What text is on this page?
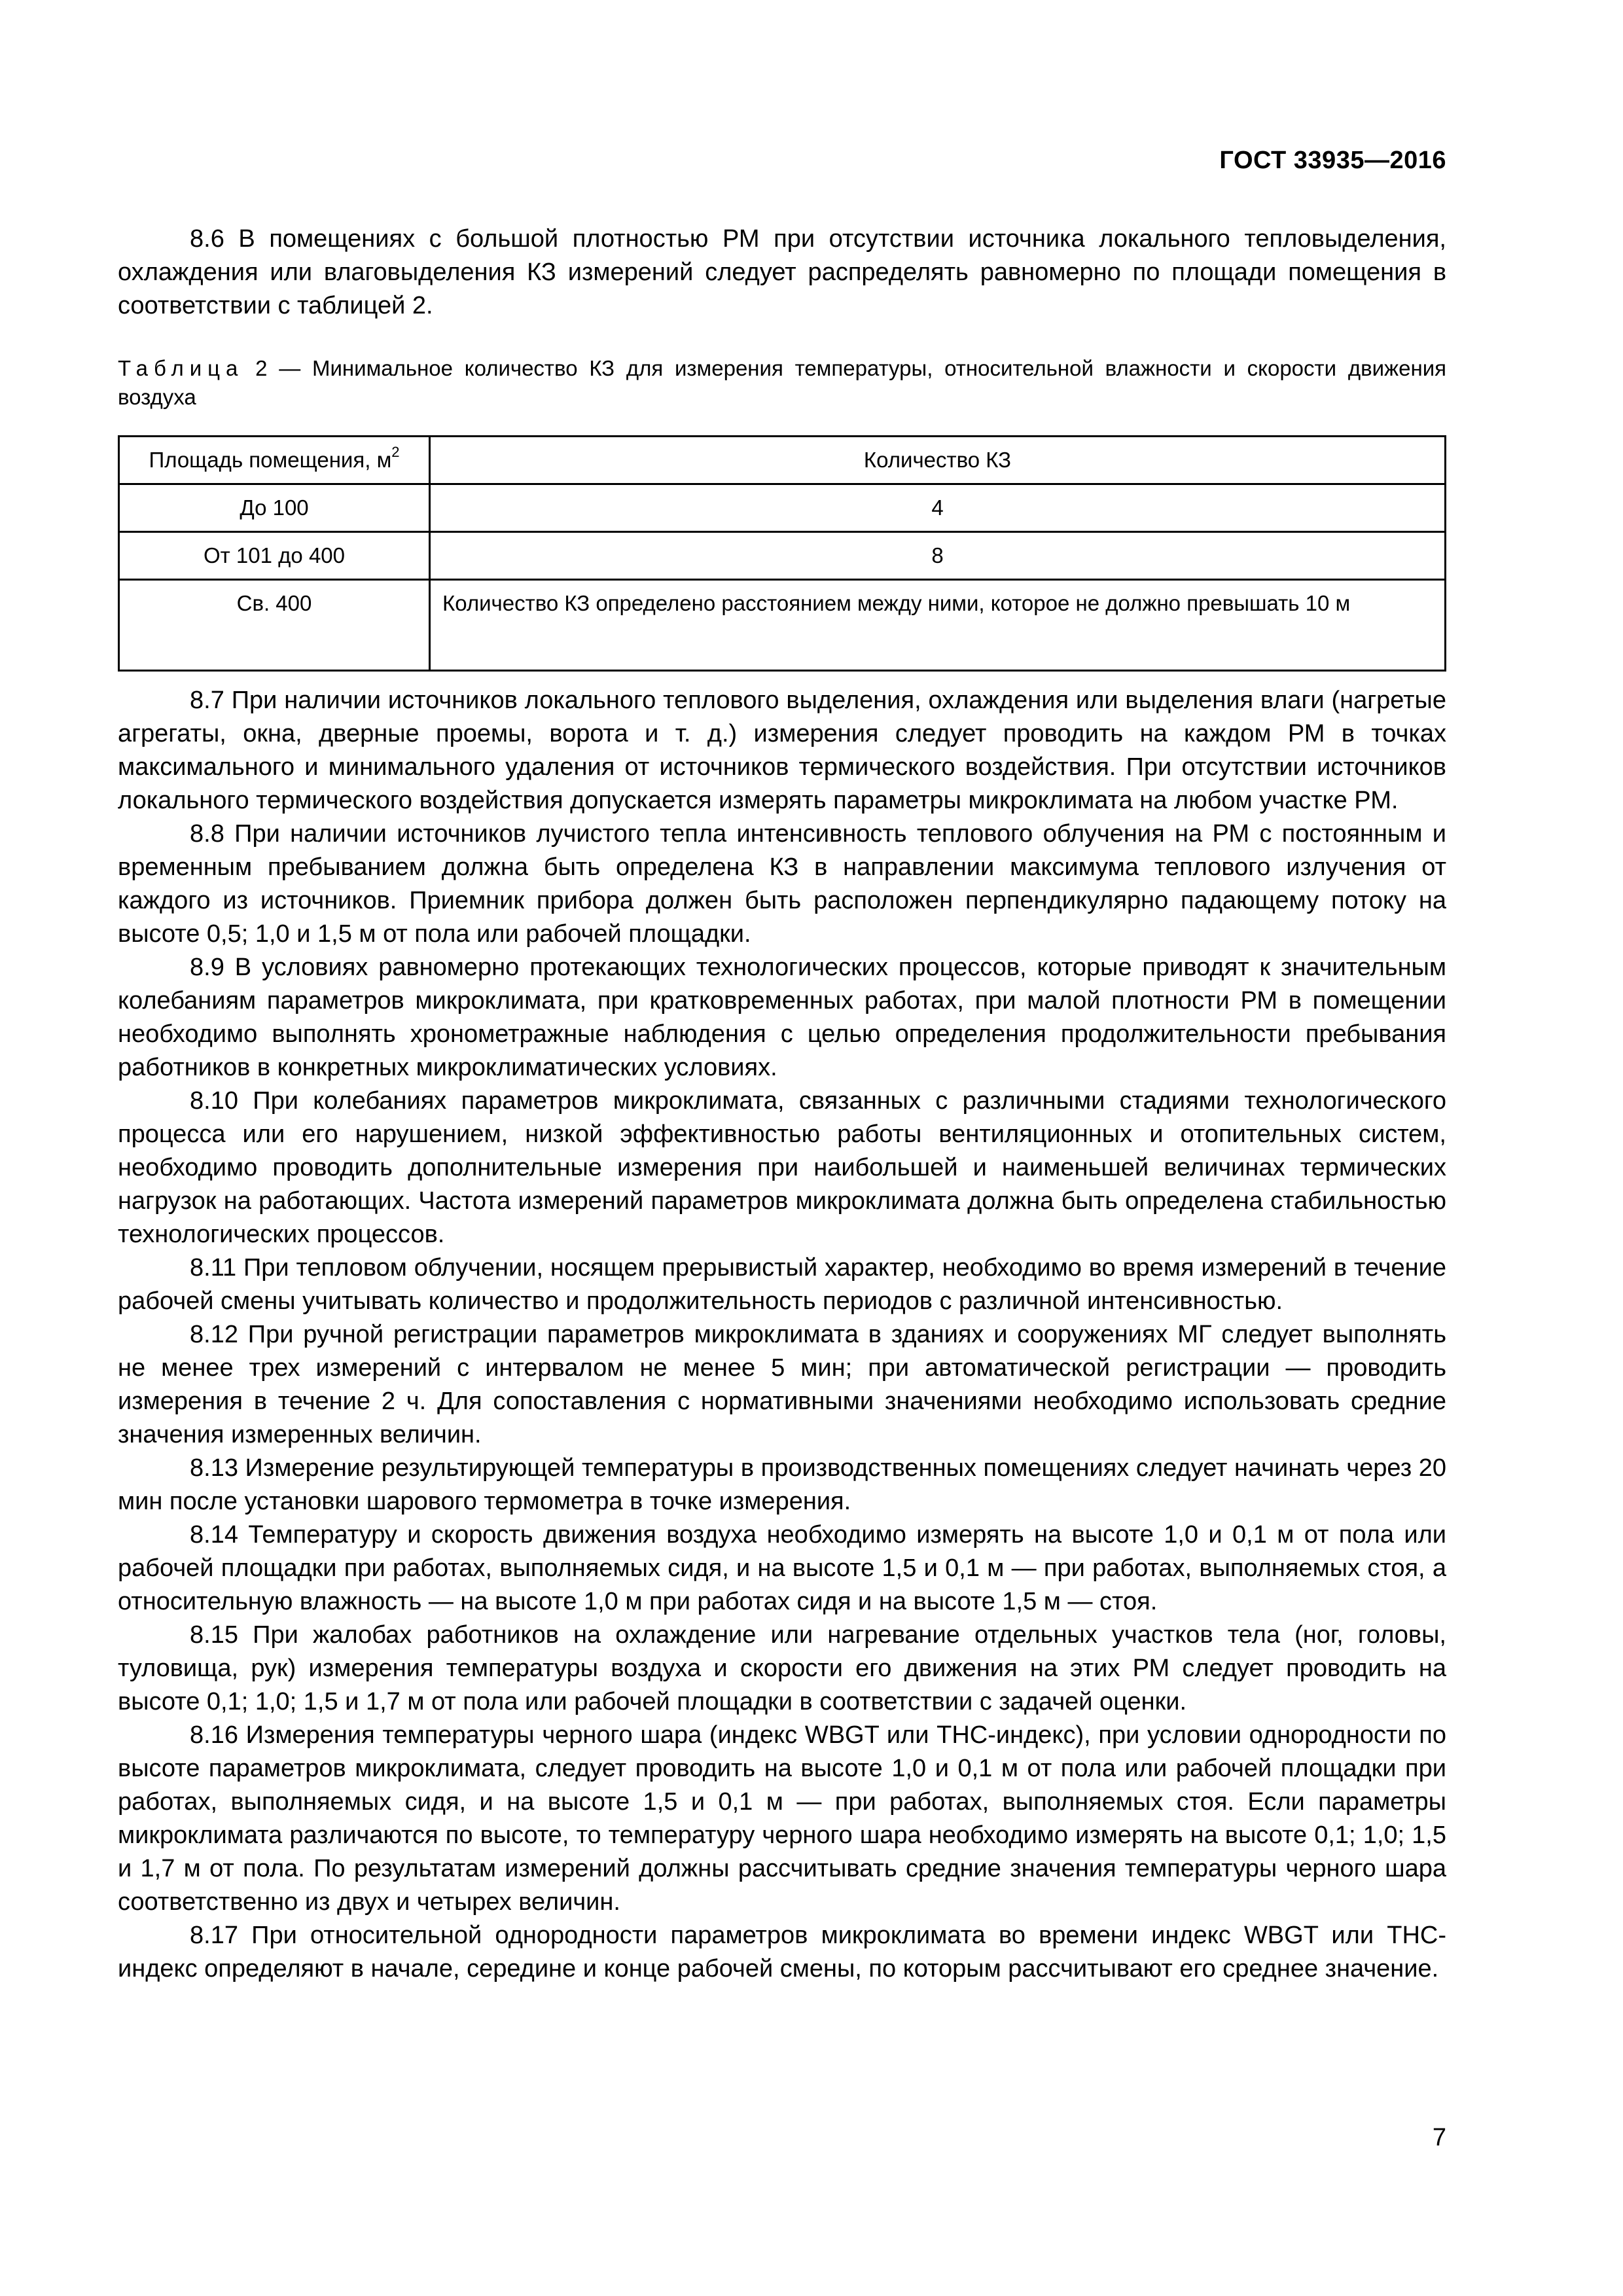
ГОСТ 33935—2016

8.6 В помещениях с большой плотностью РМ при отсутствии источника локального тепловыделения, охлаждения или влаговыделения КЗ измерений следует распределять равномерно по площади помещения в соответствии с таблицей 2.

Таблица 2 — Минимальное количество КЗ для измерения температуры, относительной влажности и скорости движения воздуха
Площадь помещения, $м^2$	Количество КЗ
До 100	4
От 101 до 400	8
Св. 400	Количество КЗ определено расстоянием между ними, которое не должно превышать 10 м

8.7 При наличии источников локального теплового выделения, охлаждения или выделения влаги (нагретые агрегаты, окна, дверные проемы, ворота и т. д.) измерения следует проводить на каждом РМ в точках максимального и минимального удаления от источников термического воздействия. При отсутствии источников локального термического воздействия допускается измерять параметры микроклимата на любом участке РМ.

8.8 При наличии источников лучистого тепла интенсивность теплового облучения на РМ с постоянным и временным пребыванием должна быть определена КЗ в направлении максимума теплового излучения от каждого из источников. Приемник прибора должен быть расположен перпендикулярно падающему потоку на высоте 0,5; 1,0 и 1,5 м от пола или рабочей площадки.

8.9 В условиях равномерно протекающих технологических процессов, которые приводят к значительным колебаниям параметров микроклимата, при кратковременных работах, при малой плотности РМ в помещении необходимо выполнять хронометражные наблюдения с целью определения продолжительности пребывания работников в конкретных микроклиматических условиях.

8.10 При колебаниях параметров микроклимата, связанных с различными стадиями технологического процесса или его нарушением, низкой эффективностью работы вентиляционных и отопительных систем, необходимо проводить дополнительные измерения при наибольшей и наименьшей величинах термических нагрузок на работающих. Частота измерений параметров микроклимата должна быть определена стабильностью технологических процессов.

8.11 При тепловом облучении, носящем прерывистый характер, необходимо во время измерений в течение рабочей смены учитывать количество и продолжительность периодов с различной интенсивностью.

8.12 При ручной регистрации параметров микроклимата в зданиях и сооружениях МГ следует выполнять не менее трех измерений с интервалом не менее 5 мин; при автоматической регистрации — проводить измерения в течение 2 ч. Для сопоставления с нормативными значениями необходимо использовать средние значения измеренных величин.

8.13 Измерение результирующей температуры в производственных помещениях следует начинать через 20 мин после установки шарового термометра в точке измерения.

8.14 Температуру и скорость движения воздуха необходимо измерять на высоте 1,0 и 0,1 м от пола или рабочей площадки при работах, выполняемых сидя, и на высоте 1,5 и 0,1 м — при работах, выполняемых стоя, а относительную влажность — на высоте 1,0 м при работах сидя и на высоте 1,5 м — стоя.

8.15 При жалобах работников на охлаждение или нагревание отдельных участков тела (ног, головы, туловища, рук) измерения температуры воздуха и скорости его движения на этих РМ следует проводить на высоте 0,1; 1,0; 1,5 и 1,7 м от пола или рабочей площадки в соответствии с задачей оценки.

8.16 Измерения температуры черного шара (индекс WBGT или ТНС-индекс), при условии однородности по высоте параметров микроклимата, следует проводить на высоте 1,0 и 0,1 м от пола или рабочей площадки при работах, выполняемых сидя, и на высоте 1,5 и 0,1 м — при работах, выполняемых стоя. Если параметры микроклимата различаются по высоте, то температуру черного шара необходимо измерять на высоте 0,1; 1,0; 1,5 и 1,7 м от пола. По результатам измерений должны рассчитывать средние значения температуры черного шара соответственно из двух и четырех величин.

8.17 При относительной однородности параметров микроклимата во времени индекс WBGT или ТНС-индекс определяют в начале, середине и конце рабочей смены, по которым рассчитывают его среднее значение.

7
